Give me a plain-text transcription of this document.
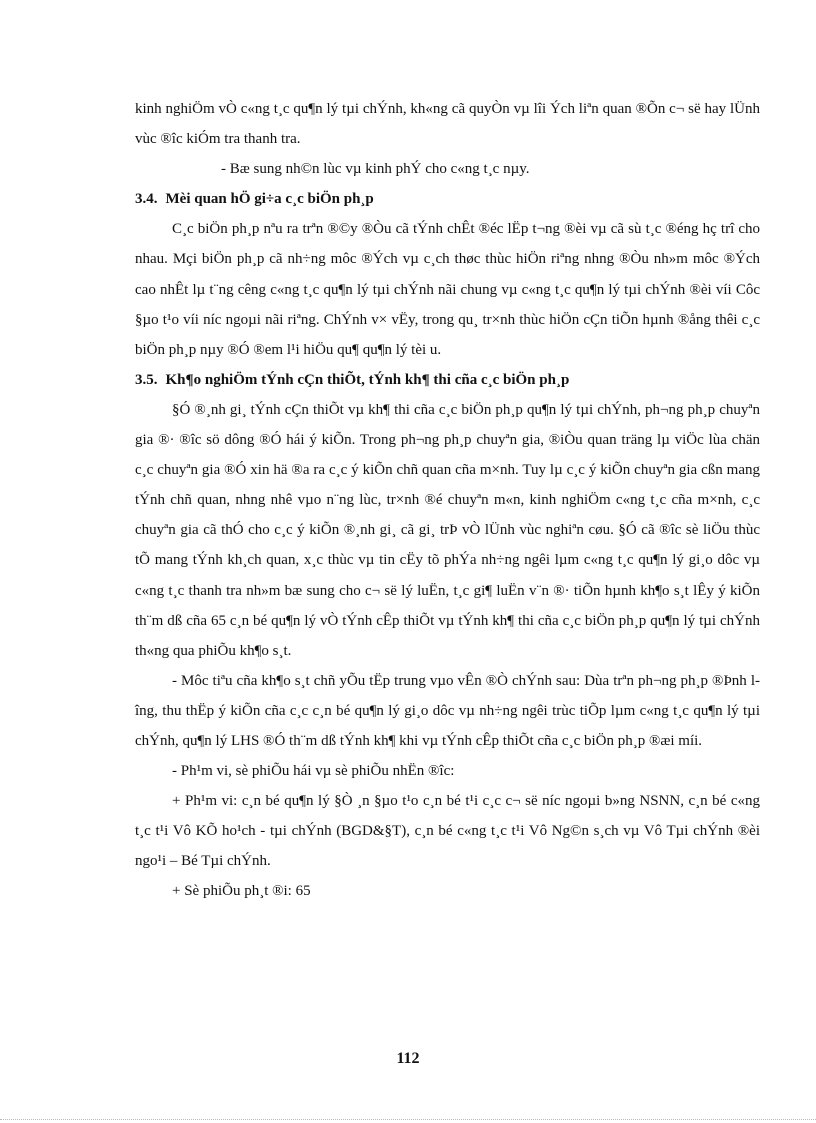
kinh nghiÖm vÒ c«ng t¸c qu¶n lý tµi chÝnh, kh«ng cã quyÒn vµ lîi Ých liªn quan ®Õn c¬ së hay lÜnh vùc ®îc kiÓm tra thanh tra.

- Bæ sung nh©n lùc vµ kinh phÝ cho c«ng t¸c nµy.

3.4. Mèi quan hÖ gi÷a c¸c biÖn ph¸p

C¸c biÖn ph¸p nªu ra trªn ®©y ®Òu cã tÝnh chÊt ®éc lËp t¬ng ®èi vµ cã sù t¸c ®éng hç trî cho nhau. Mçi biÖn ph¸p cã nh÷ng môc ®Ých vµ c¸ch thøc thùc hiÖn riªng nhng ®Òu nh»m môc ®Ých cao nhÊt lµ t¨ng cêng c«ng t¸c qu¶n lý tµi chÝnh nãi chung vµ c«ng t¸c qu¶n lý tµi chÝnh ®èi víi Côc §µo t¹o víi níc ngoµi nãi riªng. ChÝnh v× vËy, trong qu¸ tr×nh thùc hiÖn cÇn tiÕn hµnh ®ång thêi c¸c biÖn ph¸p nµy ®Ó ®em l¹i hiÖu qu¶ qu¶n lý tèi u.

3.5. Kh¶o nghiÖm tÝnh cÇn thiÕt, tÝnh kh¶ thi cña c¸c biÖn ph¸p

§Ó ®¸nh gi¸ tÝnh cÇn thiÕt vµ kh¶ thi cña c¸c biÖn ph¸p qu¶n lý tµi chÝnh, ph¬ng ph¸p chuyªn gia ®· ®îc sö dông ®Ó hái ý kiÕn. Trong ph¬ng ph¸p chuyªn gia, ®iÒu quan träng lµ viÖc lùa chän c¸c chuyªn gia ®Ó xin hä ®a ra c¸c ý kiÕn chñ quan cña m×nh. Tuy lµ c¸c ý kiÕn chuyªn gia cßn mang tÝnh chñ quan, nhng nhê vµo n¨ng lùc, tr×nh ®é chuyªn m«n, kinh nghiÖm c«ng t¸c cña m×nh, c¸c chuyªn gia cã thÓ cho c¸c ý kiÕn ®¸nh gi¸ cã gi¸ trÞ vÒ lÜnh vùc nghiªn cøu. §Ó cã ®îc sè liÖu thùc tÕ mang tÝnh kh¸ch quan, x¸c thùc vµ tin cËy tõ phÝa nh÷ng ngêi lµm c«ng t¸c qu¶n lý gi¸o dôc vµ c«ng t¸c thanh tra nh»m bæ sung cho c¬ së lý luËn, t¸c gi¶ luËn v¨n ®· tiÕn hµnh kh¶o s¸t lÊy ý kiÕn th¨m dß cña 65 c¸n bé qu¶n lý vÒ tÝnh cÊp thiÕt vµ tÝnh kh¶ thi cña c¸c biÖn ph¸p qu¶n lý tµi chÝnh th«ng qua phiÕu kh¶o s¸t.

- Môc tiªu cña kh¶o s¸t chñ yÕu tËp trung vµo vÊn ®Ò chÝnh sau: Dùa trªn ph¬ng ph¸p ®Þnh lîng, thu thËp ý kiÕn cña c¸c c¸n bé qu¶n lý gi¸o dôc vµ nh÷ng ngêi trùc tiÕp lµm c«ng t¸c qu¶n lý tµi chÝnh, qu¶n lý LHS ®Ó th¨m dß tÝnh kh¶ khi vµ tÝnh cÊp thiÕt cña c¸c biÖn ph¸p ®æi míi.

- Ph¹m vi, sè phiÕu hái vµ sè phiÕu nhËn ®îc:

+ Ph¹m vi: c¸n bé qu¶n lý §Ò ¸n §µo t¹o c¸n bé t¹i c¸c c¬ së níc ngoµi b»ng NSNN, c¸n bé c«ng t¸c t¹i Vô KÕ ho¹ch - tµi chÝnh (BGD&§T), c¸n bé c«ng t¸c t¹i Vô Ng©n s¸ch vµ Vô Tµi chÝnh ®èi ngo¹i – Bé Tµi chÝnh.

+ Sè phiÕu ph¸t ®i: 65

112
